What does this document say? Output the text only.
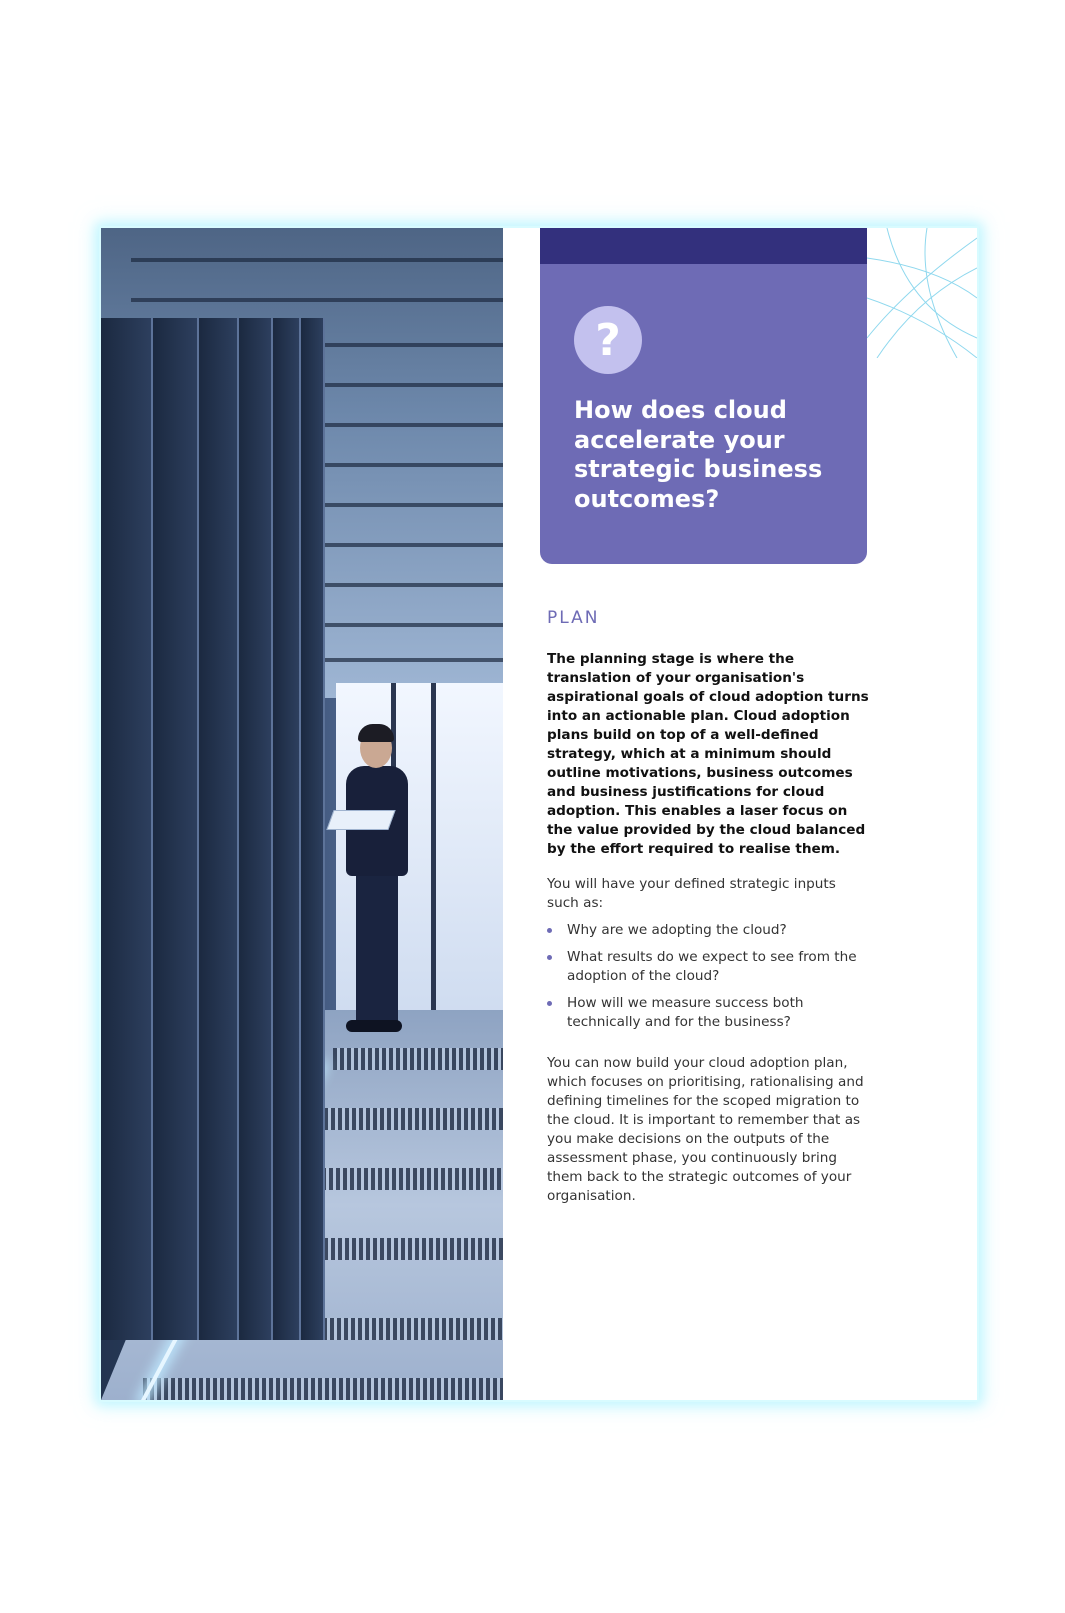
?
How does cloud accelerate your strategic business outcomes?
PLAN

The planning stage is where the translation of your organisation's aspirational goals of cloud adoption turns into an actionable plan. Cloud adoption plans build on top of a well-defined strategy, which at a minimum should outline motivations, business outcomes and business justifications for cloud adoption. This enables a laser focus on the value provided by the cloud balanced by the effort required to realise them.

You will have your defined strategic inputs such as:

Why are we adopting the cloud?
What results do we expect to see from the adoption of the cloud?
How will we measure success both technically and for the business?

You can now build your cloud adoption plan, which focuses on prioritising, rationalising and defining timelines for the scoped migration to the cloud. It is important to remember that as you make decisions on the outputs of the assessment phase, you continuously bring them back to the strategic outcomes of your organisation.
